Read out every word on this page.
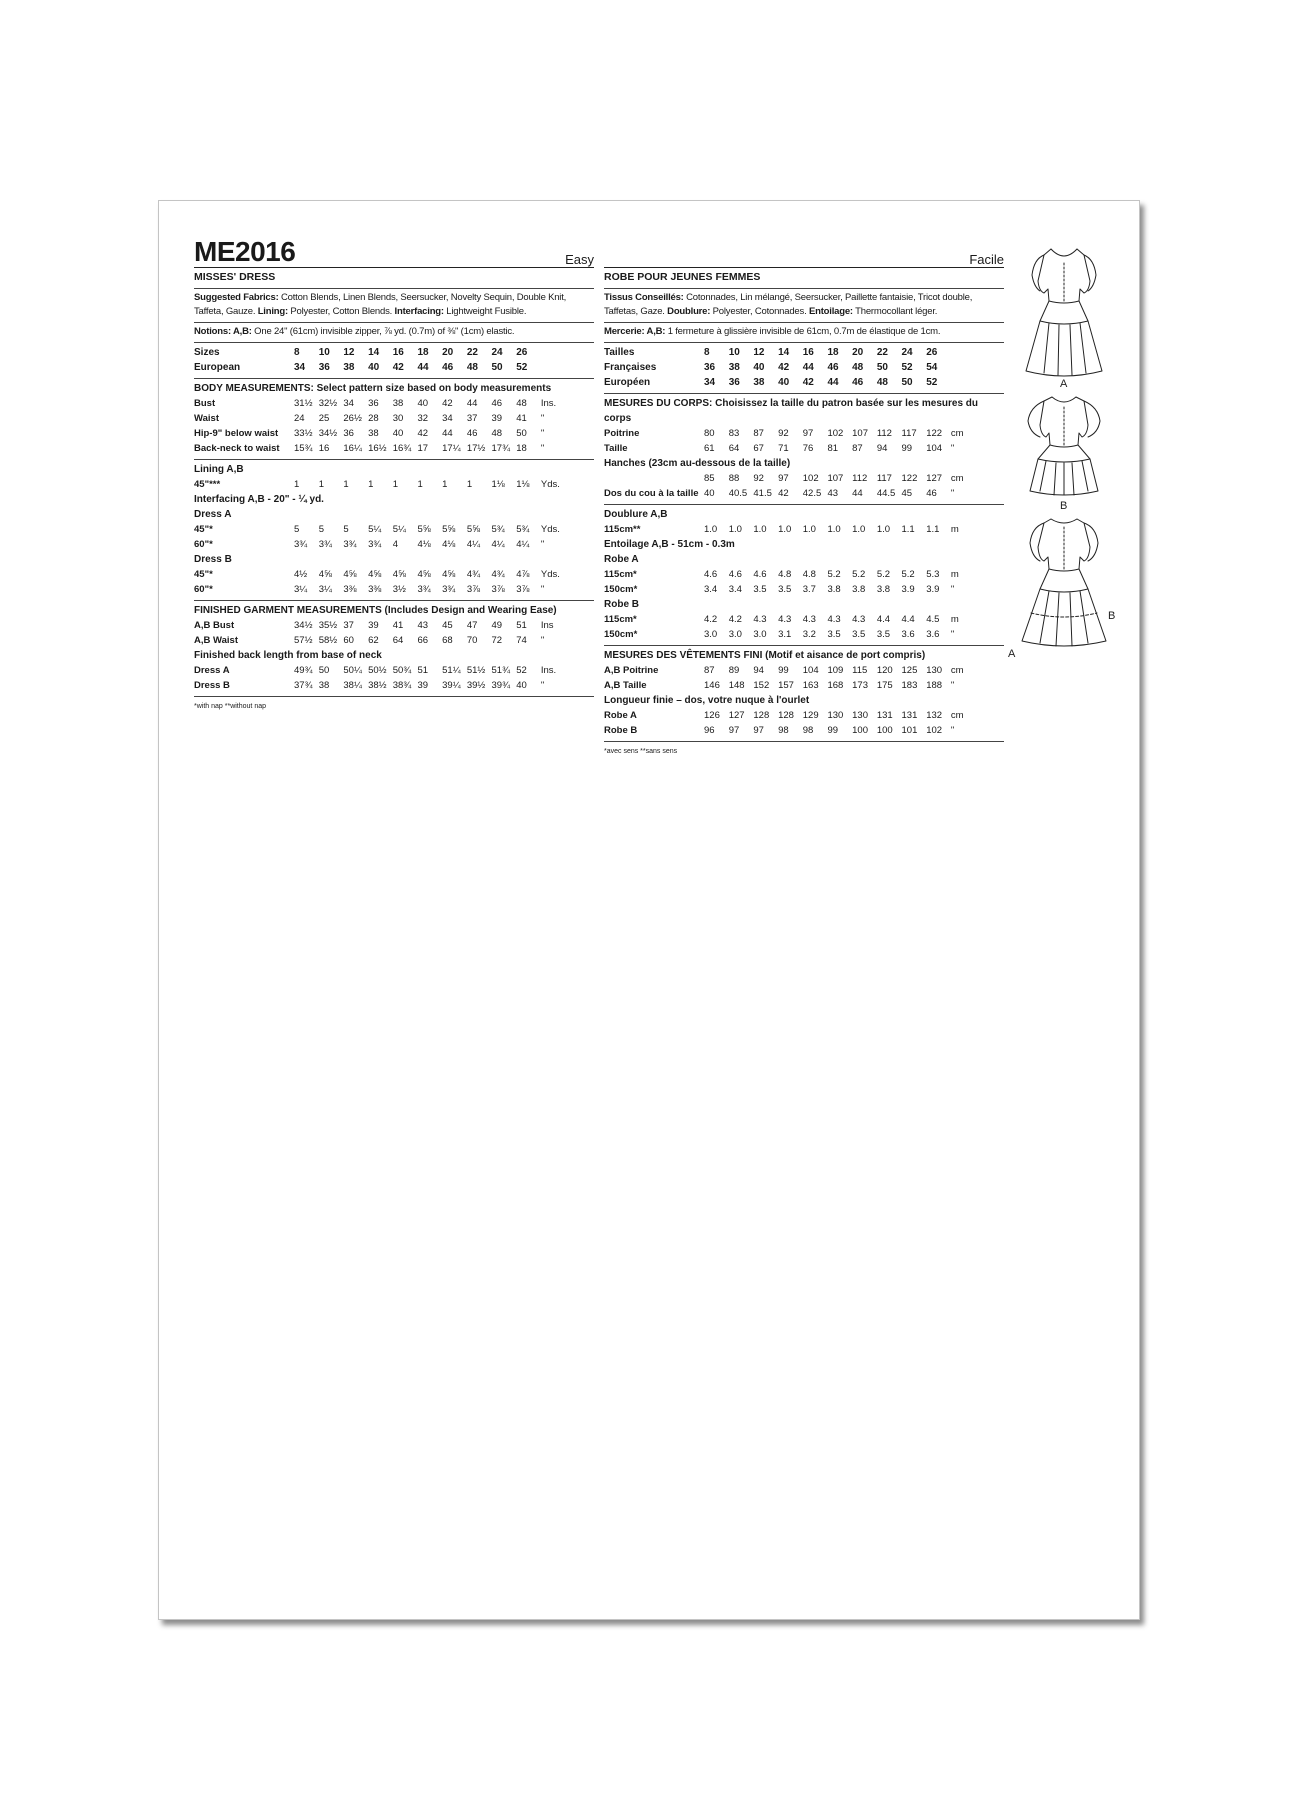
ME2016	Easy
MISSES' DRESS
Suggested Fabrics: Cotton Blends, Linen Blends, Seersucker, Novelty Sequin, Double Knit, Taffeta, Gauze. Lining: Polyester, Cotton Blends. Interfacing: Lightweight Fusible.
Notions: A,B: One 24" (61cm) invisible zipper, ⅞ yd. (0.7m) of ⅜" (1cm) elastic.
Sizes	8	10	12	14	16	18	20	22	24	26
European	34	36	38	40	42	44	46	48	50	52
BODY MEASUREMENTS: Select pattern size based on body measurements
Bust	31½	32½	34	36	38	40	42	44	46	48	Ins.
Waist	24	25	26½	28	30	32	34	37	39	41	"
Hip-9" below waist	33½	34½	36	38	40	42	44	46	48	50	"
Back-neck to waist	15¾	16	16¼	16½	16¾	17	17¼	17½	17¾	18	"
Lining A,B
45"***	1	1	1	1	1	1	1	1	1⅛	1⅛	Yds.
Interfacing A,B - 20" - ¼ yd.
Dress A
45"*	5	5	5	5¼	5¼	5⅝	5⅝	5⅝	5¾	5¾	Yds.
60"*	3¾	3¾	3¾	3¾	4	4⅛	4⅛	4¼	4¼	4¼	"
Dress B
45"*	4½	4⅝	4⅝	4⅝	4⅝	4⅝	4⅝	4¾	4¾	4⅞	Yds.
60"*	3¼	3¼	3⅜	3⅜	3½	3¾	3¾	3⅞	3⅞	3⅞	"
FINISHED GARMENT MEASUREMENTS (Includes Design and Wearing Ease)
A,B Bust	34½	35½	37	39	41	43	45	47	49	51	Ins
A,B Waist	57½	58½	60	62	64	66	68	70	72	74	"
Finished back length from base of neck
Dress A	49¾	50	50¼	50½	50¾	51	51¼	51½	51¾	52	Ins.
Dress B	37¾	38	38¼	38½	38¾	39	39¼	39½	39¾	40	"
*with nap **without nap
Facile
ROBE POUR JEUNES FEMMES
Tissus Conseillés: Cotonnades, Lin mélangé, Seersucker, Paillette fantaisie, Tricot double, Taffetas, Gaze. Doublure: Polyester, Cotonnades. Entoilage: Thermocollant léger.
Mercerie: A,B: 1 fermeture à glissière invisible de 61cm, 0.7m de élastique de 1cm.
Tailles	8	10	12	14	16	18	20	22	24	26
Françaises	36	38	40	42	44	46	48	50	52	54
Européen	34	36	38	40	42	44	46	48	50	52
MESURES DU CORPS: Choisissez la taille du patron basée sur les mesures du corps
Poitrine	80	83	87	92	97	102	107	112	117	122	cm
Taille	61	64	67	71	76	81	87	94	99	104	"
Hanches (23cm au-dessous de la taille)
	85	88	92	97	102	107	112	117	122	127	cm
Dos du cou à la taille	40	40.5	41.5	42	42.5	43	44	44.5	45	46	"
Doublure A,B
115cm**	1.0	1.0	1.0	1.0	1.0	1.0	1.0	1.0	1.1	1.1	m
Entoilage A,B - 51cm - 0.3m
Robe A
115cm*	4.6	4.6	4.6	4.8	4.8	5.2	5.2	5.2	5.2	5.3	m
150cm*	3.4	3.4	3.5	3.5	3.7	3.8	3.8	3.8	3.9	3.9	"
Robe B
115cm*	4.2	4.2	4.3	4.3	4.3	4.3	4.3	4.4	4.4	4.5	m
150cm*	3.0	3.0	3.0	3.1	3.2	3.5	3.5	3.5	3.6	3.6	"
MESURES DES VÊTEMENTS FINI (Motif et aisance de port compris)
A,B Poitrine	87	89	94	99	104	109	115	120	125	130	cm
A,B Taille	146	148	152	157	163	168	173	175	183	188	"
Longueur finie – dos, votre nuque à l'ourlet
Robe A	126	127	128	128	129	130	130	131	131	132	cm
Robe B	96	97	97	98	98	99	100	100	101	102	"
*avec sens **sans sens
A
B
B
A
